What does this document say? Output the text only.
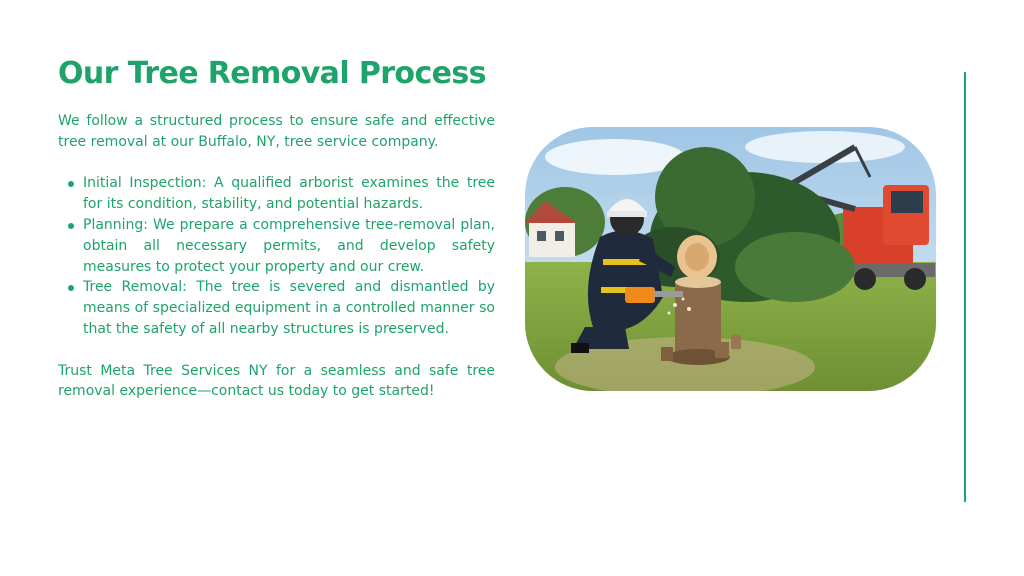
Our Tree Removal Process

We follow a structured process to ensure safe and effective tree removal at our Buffalo, NY, tree service company.

Initial Inspection: A qualified arborist examines the tree for its condition, stability, and potential hazards.
Planning: We prepare a comprehensive tree-removal plan, obtain all necessary permits, and develop safety measures to protect your property and our crew.
Tree Removal: The tree is severed and dismantled by means of specialized equipment in a controlled manner so that the safety of all nearby structures is preserved.

Trust Meta Tree Services NY for a seamless and safe tree removal experience—contact us today to get started!
